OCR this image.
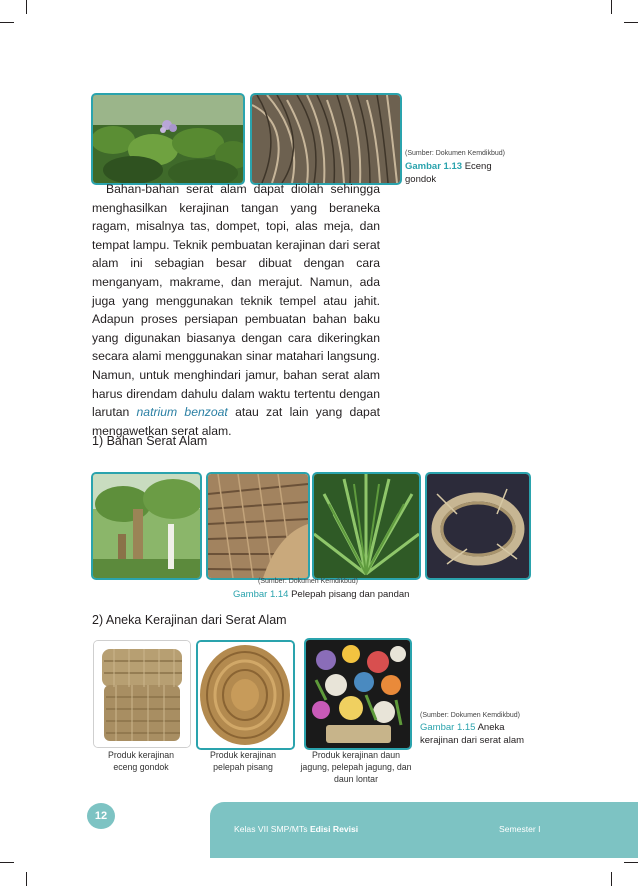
(Sumber: Dokumen Kemdikbud)
Gambar 1.13 Eceng gondok

Bahan-bahan serat alam dapat diolah sehingga menghasilkan kerajinan tangan yang beraneka ragam, misalnya tas, dompet, topi, alas meja, dan tempat lampu. Teknik pembuatan kerajinan dari serat alam ini sebagian besar dibuat dengan cara menganyam, makrame, dan merajut. Namun, ada juga yang menggunakan teknik tempel atau jahit. Adapun proses persiapan pembuatan bahan baku yang digunakan biasanya dengan cara dikeringkan secara alami menggunakan sinar matahari langsung. Namun, untuk menghindari jamur, bahan serat alam harus direndam dahulu dalam waktu tertentu dengan larutan natrium benzoat atau zat lain yang dapat mengawetkan serat alam.

1) Bahan Serat Alam
(Sumber: Dokumen Kemdikbud)
Gambar 1.14 Pelepah pisang dan pandan
2) Aneka Kerajinan dari Serat Alam
(Sumber: Dokumen Kemdikbud)
Gambar 1.15 Aneka kerajinan dari serat alam
Produk kerajinan eceng gondok
Produk kerajinan pelepah pisang
Produk kerajinan daun jagung, pelepah jagung, dan daun lontar
12
Kelas VII SMP/MTs Edisi Revisi	Semester I
